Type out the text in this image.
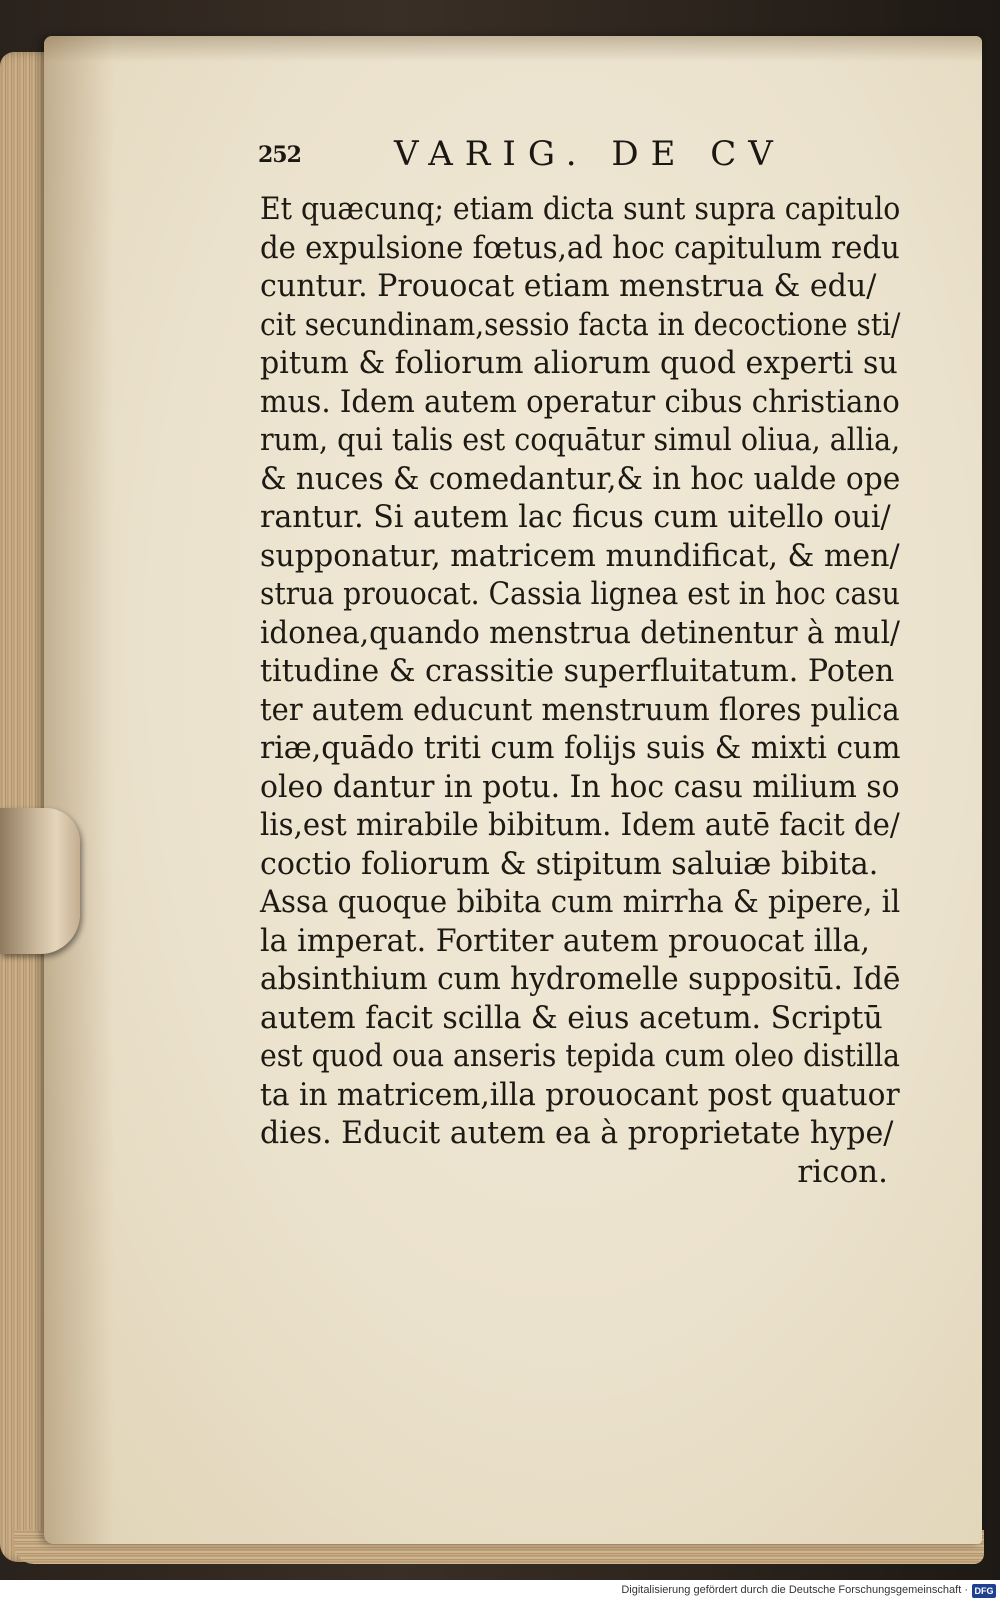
252	VARIG. DE CV
Et quæcunq; etiam dicta sunt supra capitulo
de expulsione fœtus,ad hoc capitulum redu
cuntur. Prouocat etiam menstrua & edu/
cit secundinam,sessio facta in decoctione sti/
pitum & foliorum aliorum quod experti su
mus. Idem autem operatur cibus christiano
rum, qui talis est coquātur simul oliua, allia,
& nuces & comedantur,& in hoc ualde ope
rantur. Si autem lac ficus cum uitello oui/
supponatur, matricem mundificat, & men/
strua prouocat. Cassia lignea est in hoc casu
idonea,quando menstrua detinentur à mul/
titudine & crassitie superfluitatum. Poten
ter autem educunt menstruum flores pulica
riæ,quādo triti cum folijs suis & mixti cum
oleo dantur in potu. In hoc casu milium so
lis,est mirabile bibitum. Idem autē facit de/
coctio foliorum & stipitum saluiæ bibita.
Assa quoque bibita cum mirrha & pipere, il
la imperat. Fortiter autem prouocat illa,
absinthium cum hydromelle suppositū. Idē
autem facit scilla & eius acetum. Scriptū
est quod oua anseris tepida cum oleo distilla
ta in matricem,illa prouocant post quatuor
dies. Educit autem ea à proprietate hype/
ricon.
Digitalisierung gefördert durch die Deutsche Forschungsgemeinschaft · DFG
